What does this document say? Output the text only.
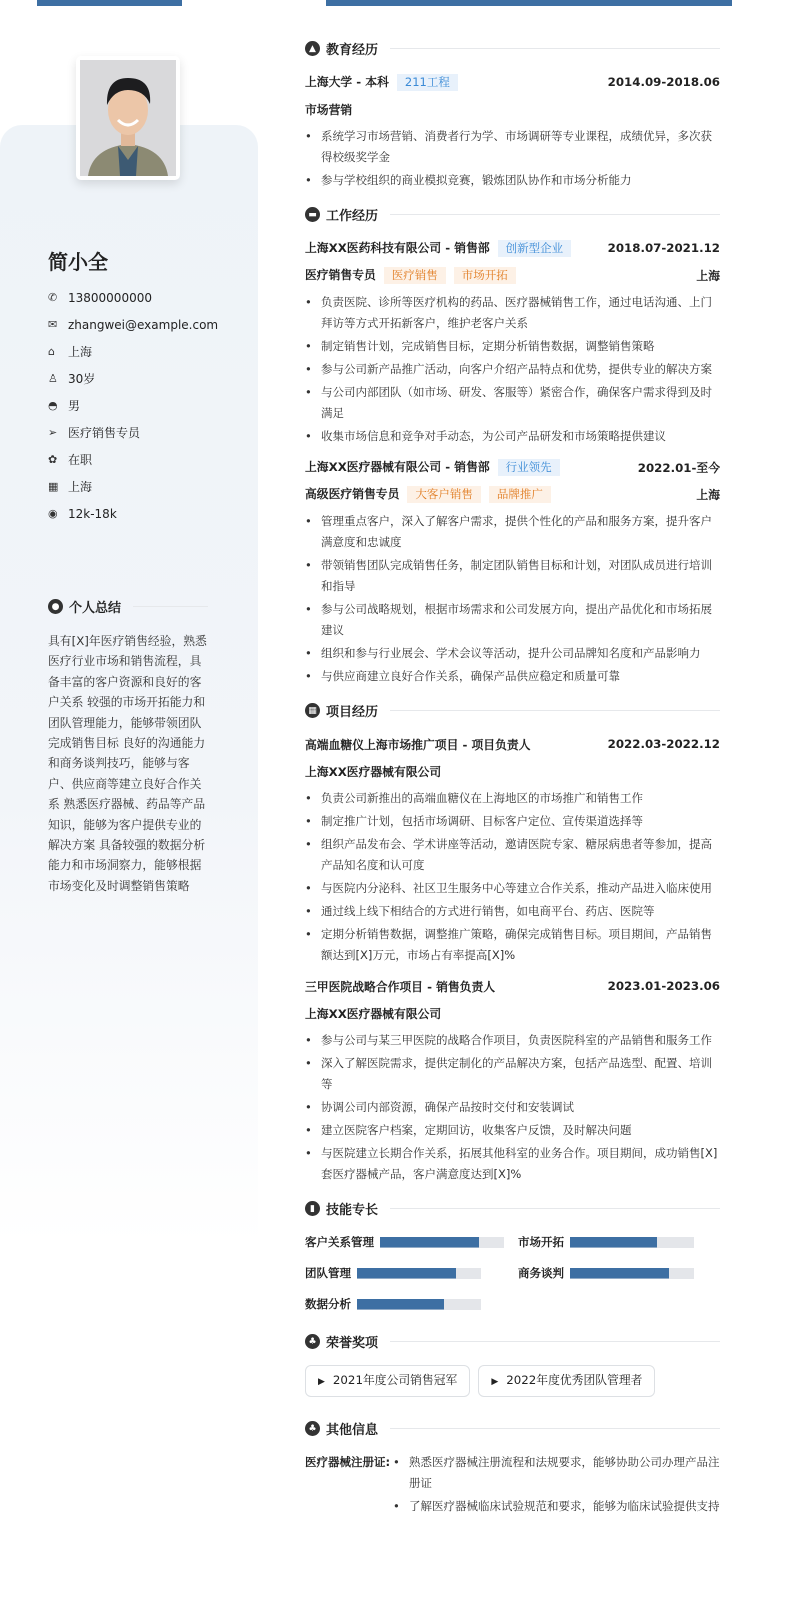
简小全
✆ 13800000000
✉ zhangwei@example.com
⌂	上海
♙ 30岁
◓ 男
➢ 医疗销售专员
✿ 在职
▦ 上海
◉ 12k-18k
● 个人总结
具有[X]年医疗销售经验，熟悉医疗行业市场和销售流程，具备丰富的客户资源和良好的客户关系 较强的市场开拓能力和团队管理能力，能够带领团队完成销售目标 良好的沟通能力和商务谈判技巧，能够与客户、供应商等建立良好合作关系 熟悉医疗器械、药品等产品知识，能够为客户提供专业的解决方案 具备较强的数据分析能力和市场洞察力，能够根据市场变化及时调整销售策略
▲ 教育经历
上海大学 - 本科 211工程	2014.09-2018.06
市场营销
• 系统学习市场营销、消费者行为学、市场调研等专业课程，成绩优异，多次获得校级奖学金
• 参与学校组织的商业模拟竞赛，锻炼团队协作和市场分析能力
▬ 工作经历
上海XX医药科技有限公司 - 销售部 创新型企业	2018.07-2021.12
医疗销售专员 医疗销售 市场开拓	上海
• 负责医院、诊所等医疗机构的药品、医疗器械销售工作，通过电话沟通、上门拜访等方式开拓新客户，维护老客户关系
• 制定销售计划，完成销售目标，定期分析销售数据，调整销售策略
• 参与公司新产品推广活动，向客户介绍产品特点和优势，提供专业的解决方案
• 与公司内部团队（如市场、研发、客服等）紧密合作，确保客户需求得到及时满足
• 收集市场信息和竞争对手动态，为公司产品研发和市场策略提供建议
上海XX医疗器械有限公司 - 销售部 行业领先	2022.01-至今
高级医疗销售专员 大客户销售 品牌推广	上海
• 管理重点客户，深入了解客户需求，提供个性化的产品和服务方案，提升客户满意度和忠诚度
• 带领销售团队完成销售任务，制定团队销售目标和计划，对团队成员进行培训和指导
• 参与公司战略规划，根据市场需求和公司发展方向，提出产品优化和市场拓展建议
• 组织和参与行业展会、学术会议等活动，提升公司品牌知名度和产品影响力
• 与供应商建立良好合作关系，确保产品供应稳定和质量可靠
▦ 项目经历
高端血糖仪上海市场推广项目 - 项目负责人	2022.03-2022.12
上海XX医疗器械有限公司
• 负责公司新推出的高端血糖仪在上海地区的市场推广和销售工作
• 制定推广计划，包括市场调研、目标客户定位、宣传渠道选择等
• 组织产品发布会、学术讲座等活动，邀请医院专家、糖尿病患者等参加，提高产品知名度和认可度
• 与医院内分泌科、社区卫生服务中心等建立合作关系，推动产品进入临床使用
• 通过线上线下相结合的方式进行销售，如电商平台、药店、医院等
• 定期分析销售数据，调整推广策略，确保完成销售目标。项目期间，产品销售额达到[X]万元，市场占有率提高[X]%
三甲医院战略合作项目 - 销售负责人	2023.01-2023.06
上海XX医疗器械有限公司
• 参与公司与某三甲医院的战略合作项目，负责医院科室的产品销售和服务工作
• 深入了解医院需求，提供定制化的产品解决方案，包括产品选型、配置、培训等
• 协调公司内部资源，确保产品按时交付和安装调试
• 建立医院客户档案，定期回访，收集客户反馈，及时解决问题
• 与医院建立长期合作关系，拓展其他科室的业务合作。项目期间，成功销售[X]套医疗器械产品，客户满意度达到[X]%
▮ 技能专长
客户关系管理	市场开拓
团队管理	商务谈判
数据分析
♣ 荣誉奖项
▶ 2021年度公司销售冠军	▶ 2022年度优秀团队管理者
♣ 其他信息
医疗器械注册证:	• 熟悉医疗器械注册流程和法规要求，能够协助公司办理产品注册证
• 了解医疗器械临床试验规范和要求，能够为临床试验提供支持
